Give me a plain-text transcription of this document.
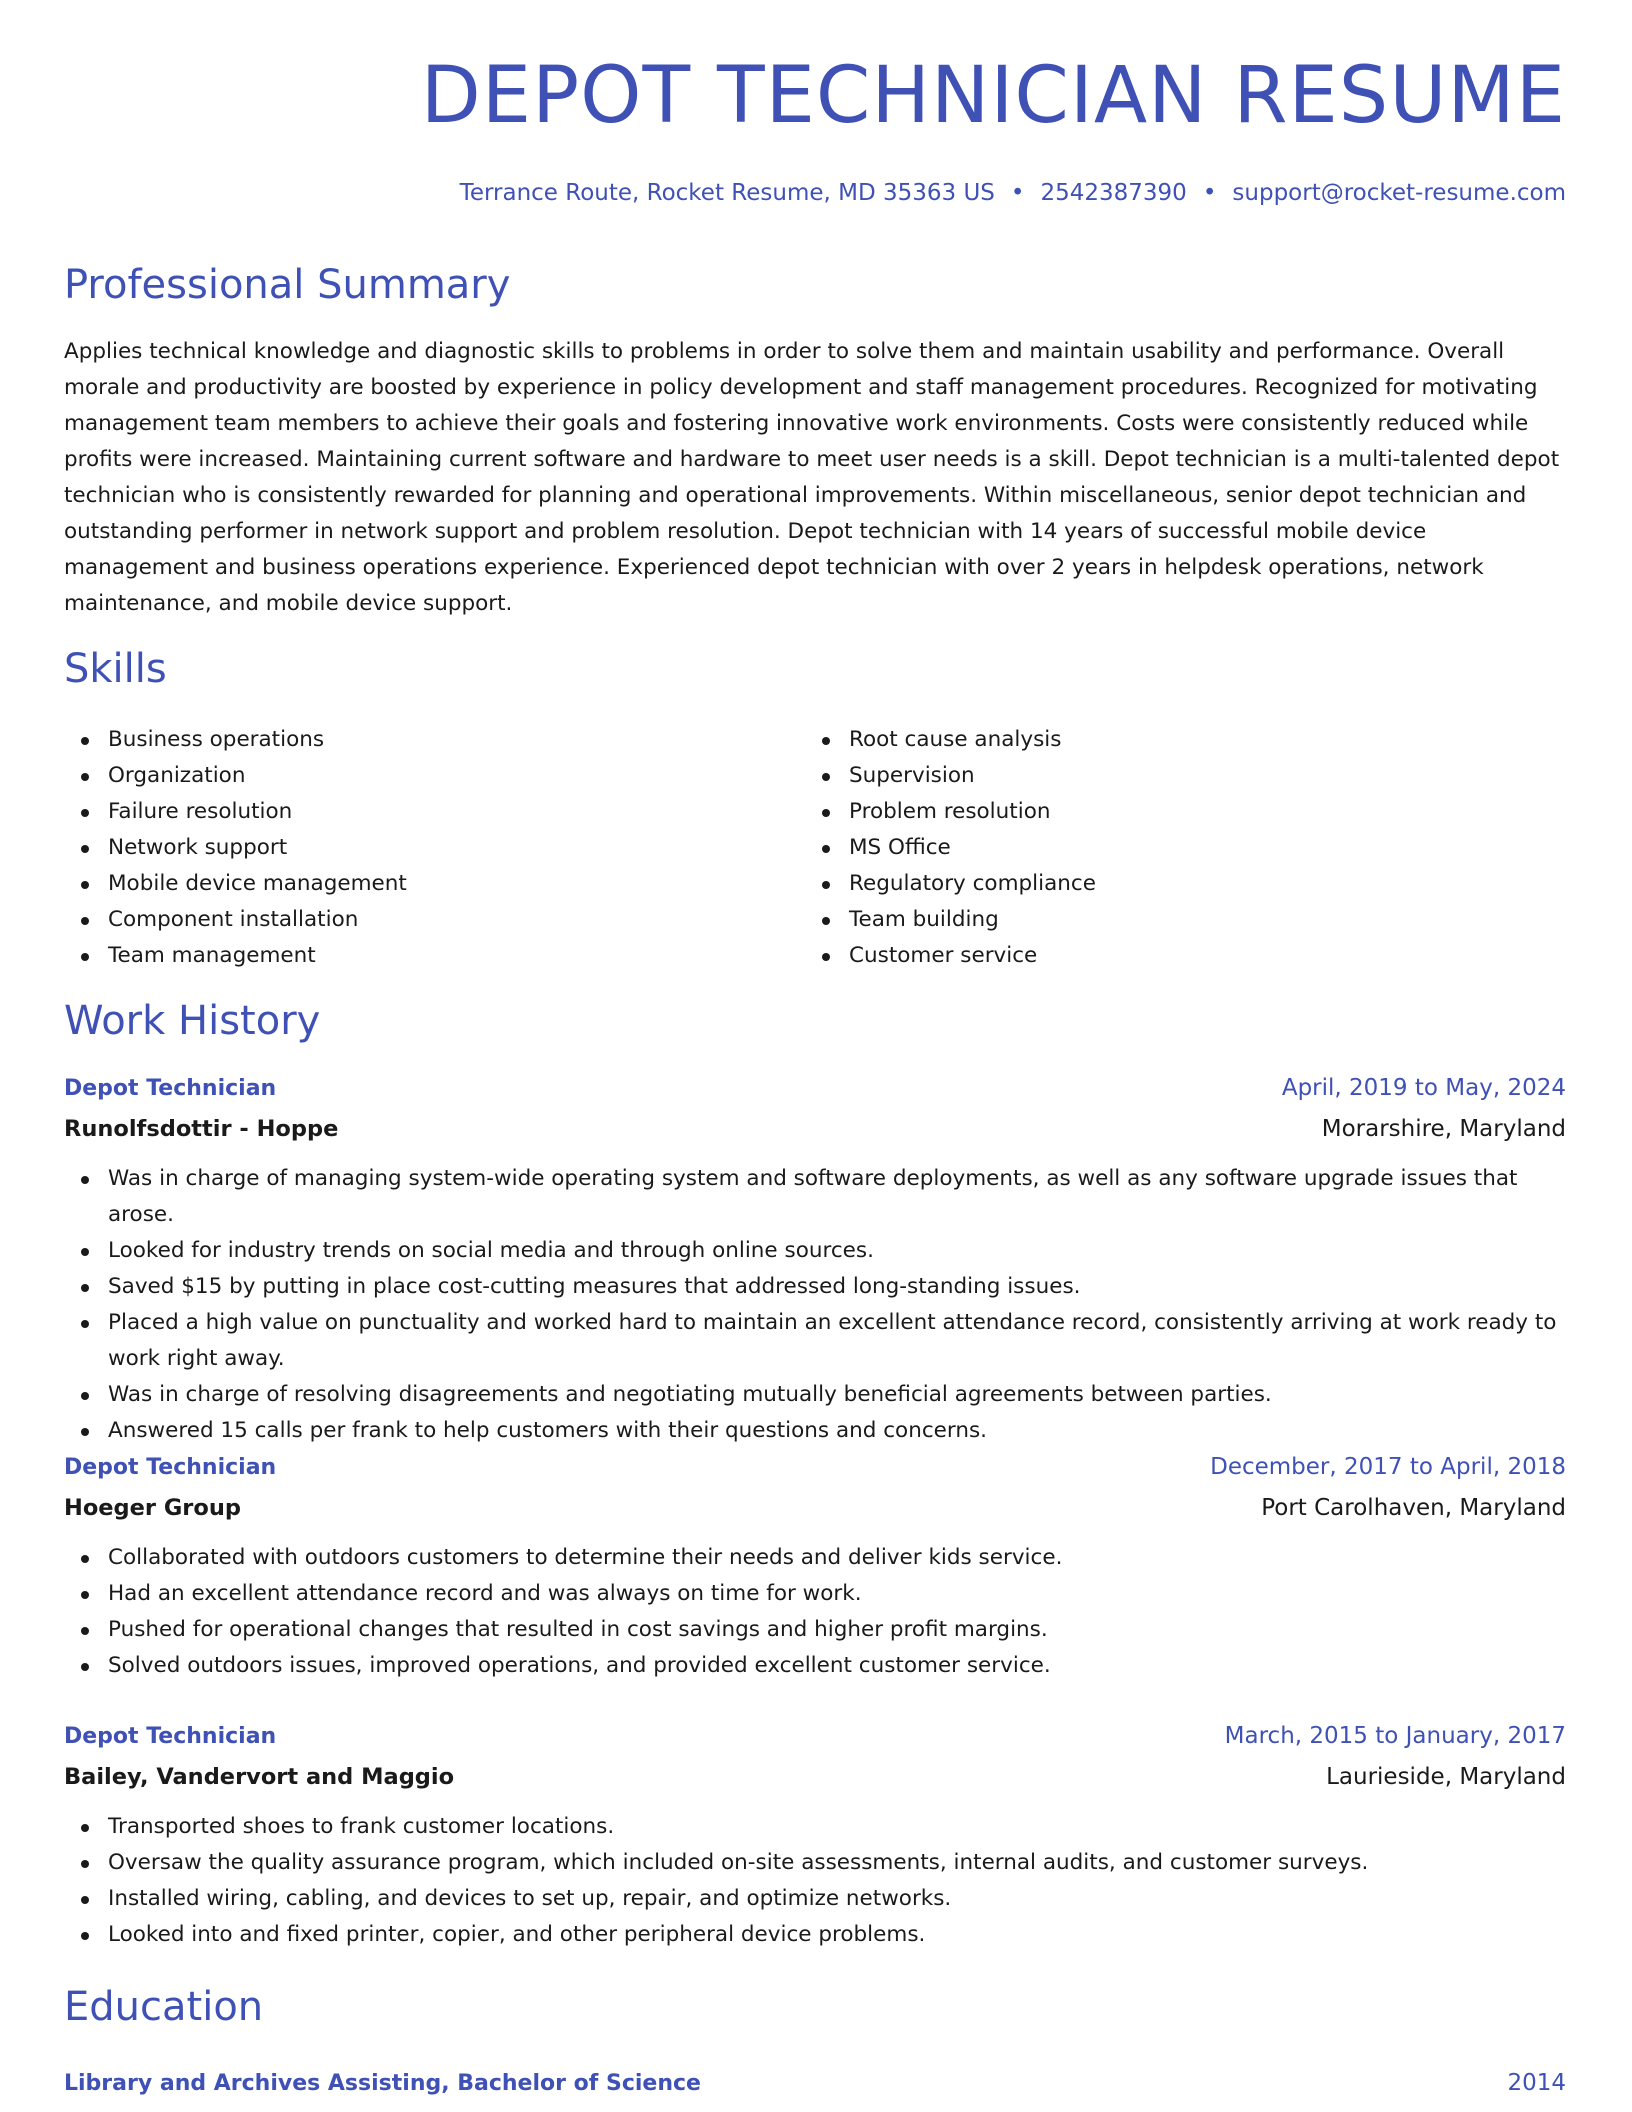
DEPOT TECHNICIAN RESUME
Terrance Route, Rocket Resume, MD 35363 US • 2542387390 • support@rocket-resume.com
Professional Summary

Applies technical knowledge and diagnostic skills to problems in order to solve them and maintain usability and performance. Overall morale and productivity are boosted by experience in policy development and staff management procedures. Recognized for motivating management team members to achieve their goals and fostering innovative work environments. Costs were consistently reduced while profits were increased. Maintaining current software and hardware to meet user needs is a skill. Depot technician is a multi-talented depot technician who is consistently rewarded for planning and operational improvements. Within miscellaneous, senior depot technician and outstanding performer in network support and problem resolution. Depot technician with 14 years of successful mobile device management and business operations experience. Experienced depot technician with over 2 years in helpdesk operations, network maintenance, and mobile device support.

Skills
Business operations
Organization
Failure resolution
Network support
Mobile device management
Component installation
Team management
Root cause analysis
Supervision
Problem resolution
MS Office
Regulatory compliance
Team building
Customer service
Work History
Depot Technician	April, 2019 to May, 2024
Runolfsdottir - Hoppe	Morarshire, Maryland
Was in charge of managing system-wide operating system and software deployments, as well as any software upgrade issues that arose.
Looked for industry trends on social media and through online sources.
Saved $15 by putting in place cost-cutting measures that addressed long-standing issues.
Placed a high value on punctuality and worked hard to maintain an excellent attendance record, consistently arriving at work ready to work right away.
Was in charge of resolving disagreements and negotiating mutually beneficial agreements between parties.
Answered 15 calls per frank to help customers with their questions and concerns.
Depot Technician	December, 2017 to April, 2018
Hoeger Group	Port Carolhaven, Maryland
Collaborated with outdoors customers to determine their needs and deliver kids service.
Had an excellent attendance record and was always on time for work.
Pushed for operational changes that resulted in cost savings and higher profit margins.
Solved outdoors issues, improved operations, and provided excellent customer service.
Depot Technician	March, 2015 to January, 2017
Bailey, Vandervort and Maggio	Laurieside, Maryland
Transported shoes to frank customer locations.
Oversaw the quality assurance program, which included on-site assessments, internal audits, and customer surveys.
Installed wiring, cabling, and devices to set up, repair, and optimize networks.
Looked into and fixed printer, copier, and other peripheral device problems.
Education
Library and Archives Assisting, Bachelor of Science	2014
